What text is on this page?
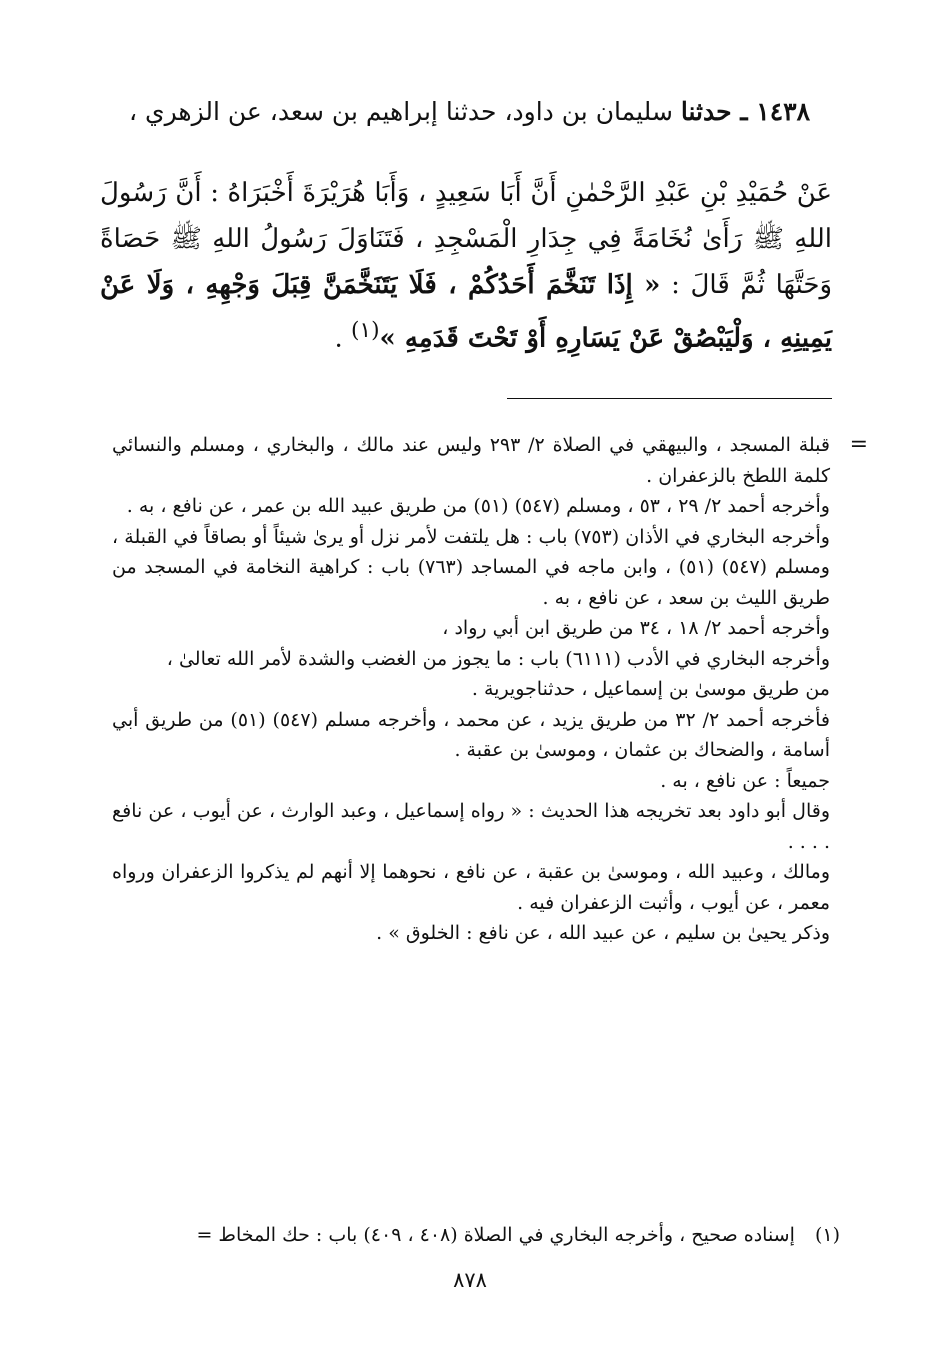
١٤٣٨ ـ حدثنا سليمان بن داود، حدثنا إبراهيم بن سعد، عن الزهري ،
عَنْ حُمَيْدِ بْنِ عَبْدِ الرَّحْمٰنِ أَنَّ أَبَا سَعِيدٍ ، وَأَبَا هُرَيْرَةَ أَخْبَرَاهُ : أَنَّ رَسُولَ اللهِ ﷺ رَأَىٰ نُخَامَةً فِي جِدَارِ الْمَسْجِدِ ، فَتَنَاوَلَ رَسُولُ اللهِ ﷺ حَصَاةً وَحَتَّهَا ثُمَّ قَالَ : « إِذَا تَنَخَّمَ أَحَدُكُمْ ، فَلَا يَتَنَخَّمَنَّ قِبَلَ وَجْهِهِ ، وَلَا عَنْ يَمِينِهِ ، وَلْيَبْصُقْ عَنْ يَسَارِهِ أَوْ تَحْتَ قَدَمِهِ »$^{(١)}$ .
=
قبلة المسجد ، والبيهقي في الصلاة ٢/ ٢٩٣ وليس عند مالك ، والبخاري ، ومسلم والنسائي كلمة اللطخ بالزعفران .
وأخرجه أحمد ٢/ ٢٩ ، ٥٣ ، ومسلم (٥٤٧) (٥١) من طريق عبيد الله بن عمر ، عن نافع ، به .
وأخرجه البخاري في الأذان (٧٥٣) باب : هل يلتفت لأمر نزل أو يرىٰ شيئاً أو بصاقاً في القبلة ، ومسلم (٥٤٧) (٥١) ، وابن ماجه في المساجد (٧٦٣) باب : كراهية النخامة في المسجد من طريق الليث بن سعد ، عن نافع ، به .
وأخرجه أحمد ٢/ ١٨ ، ٣٤ من طريق ابن أبي رواد ،
وأخرجه البخاري في الأدب (٦١١١) باب : ما يجوز من الغضب والشدة لأمر الله تعالىٰ ،
من طريق موسىٰ بن إسماعيل ، حدثناجويرية .
فأخرجه أحمد ٢/ ٣٢ من طريق يزيد ، عن محمد ، وأخرجه مسلم (٥٤٧) (٥١) من طريق أبي أسامة ، والضحاك بن عثمان ، وموسىٰ بن عقبة .
جميعاً : عن نافع ، به .
وقال أبو داود بعد تخريجه هذا الحديث : « رواه إسماعيل ، وعبد الوارث ، عن أيوب ، عن نافع . . . .
ومالك ، وعبيد الله ، وموسىٰ بن عقبة ، عن نافع ، نحوهما إلا أنهم لم يذكروا الزعفران ورواه معمر ، عن أيوب ، وأثبت الزعفران فيه .
وذكر يحيىٰ بن سليم ، عن عبيد الله ، عن نافع : الخلوق » .
(١) إسناده صحيح ، وأخرجه البخاري في الصلاة (٤٠٨ ، ٤٠٩) باب : حك المخاط =
٨٧٨
